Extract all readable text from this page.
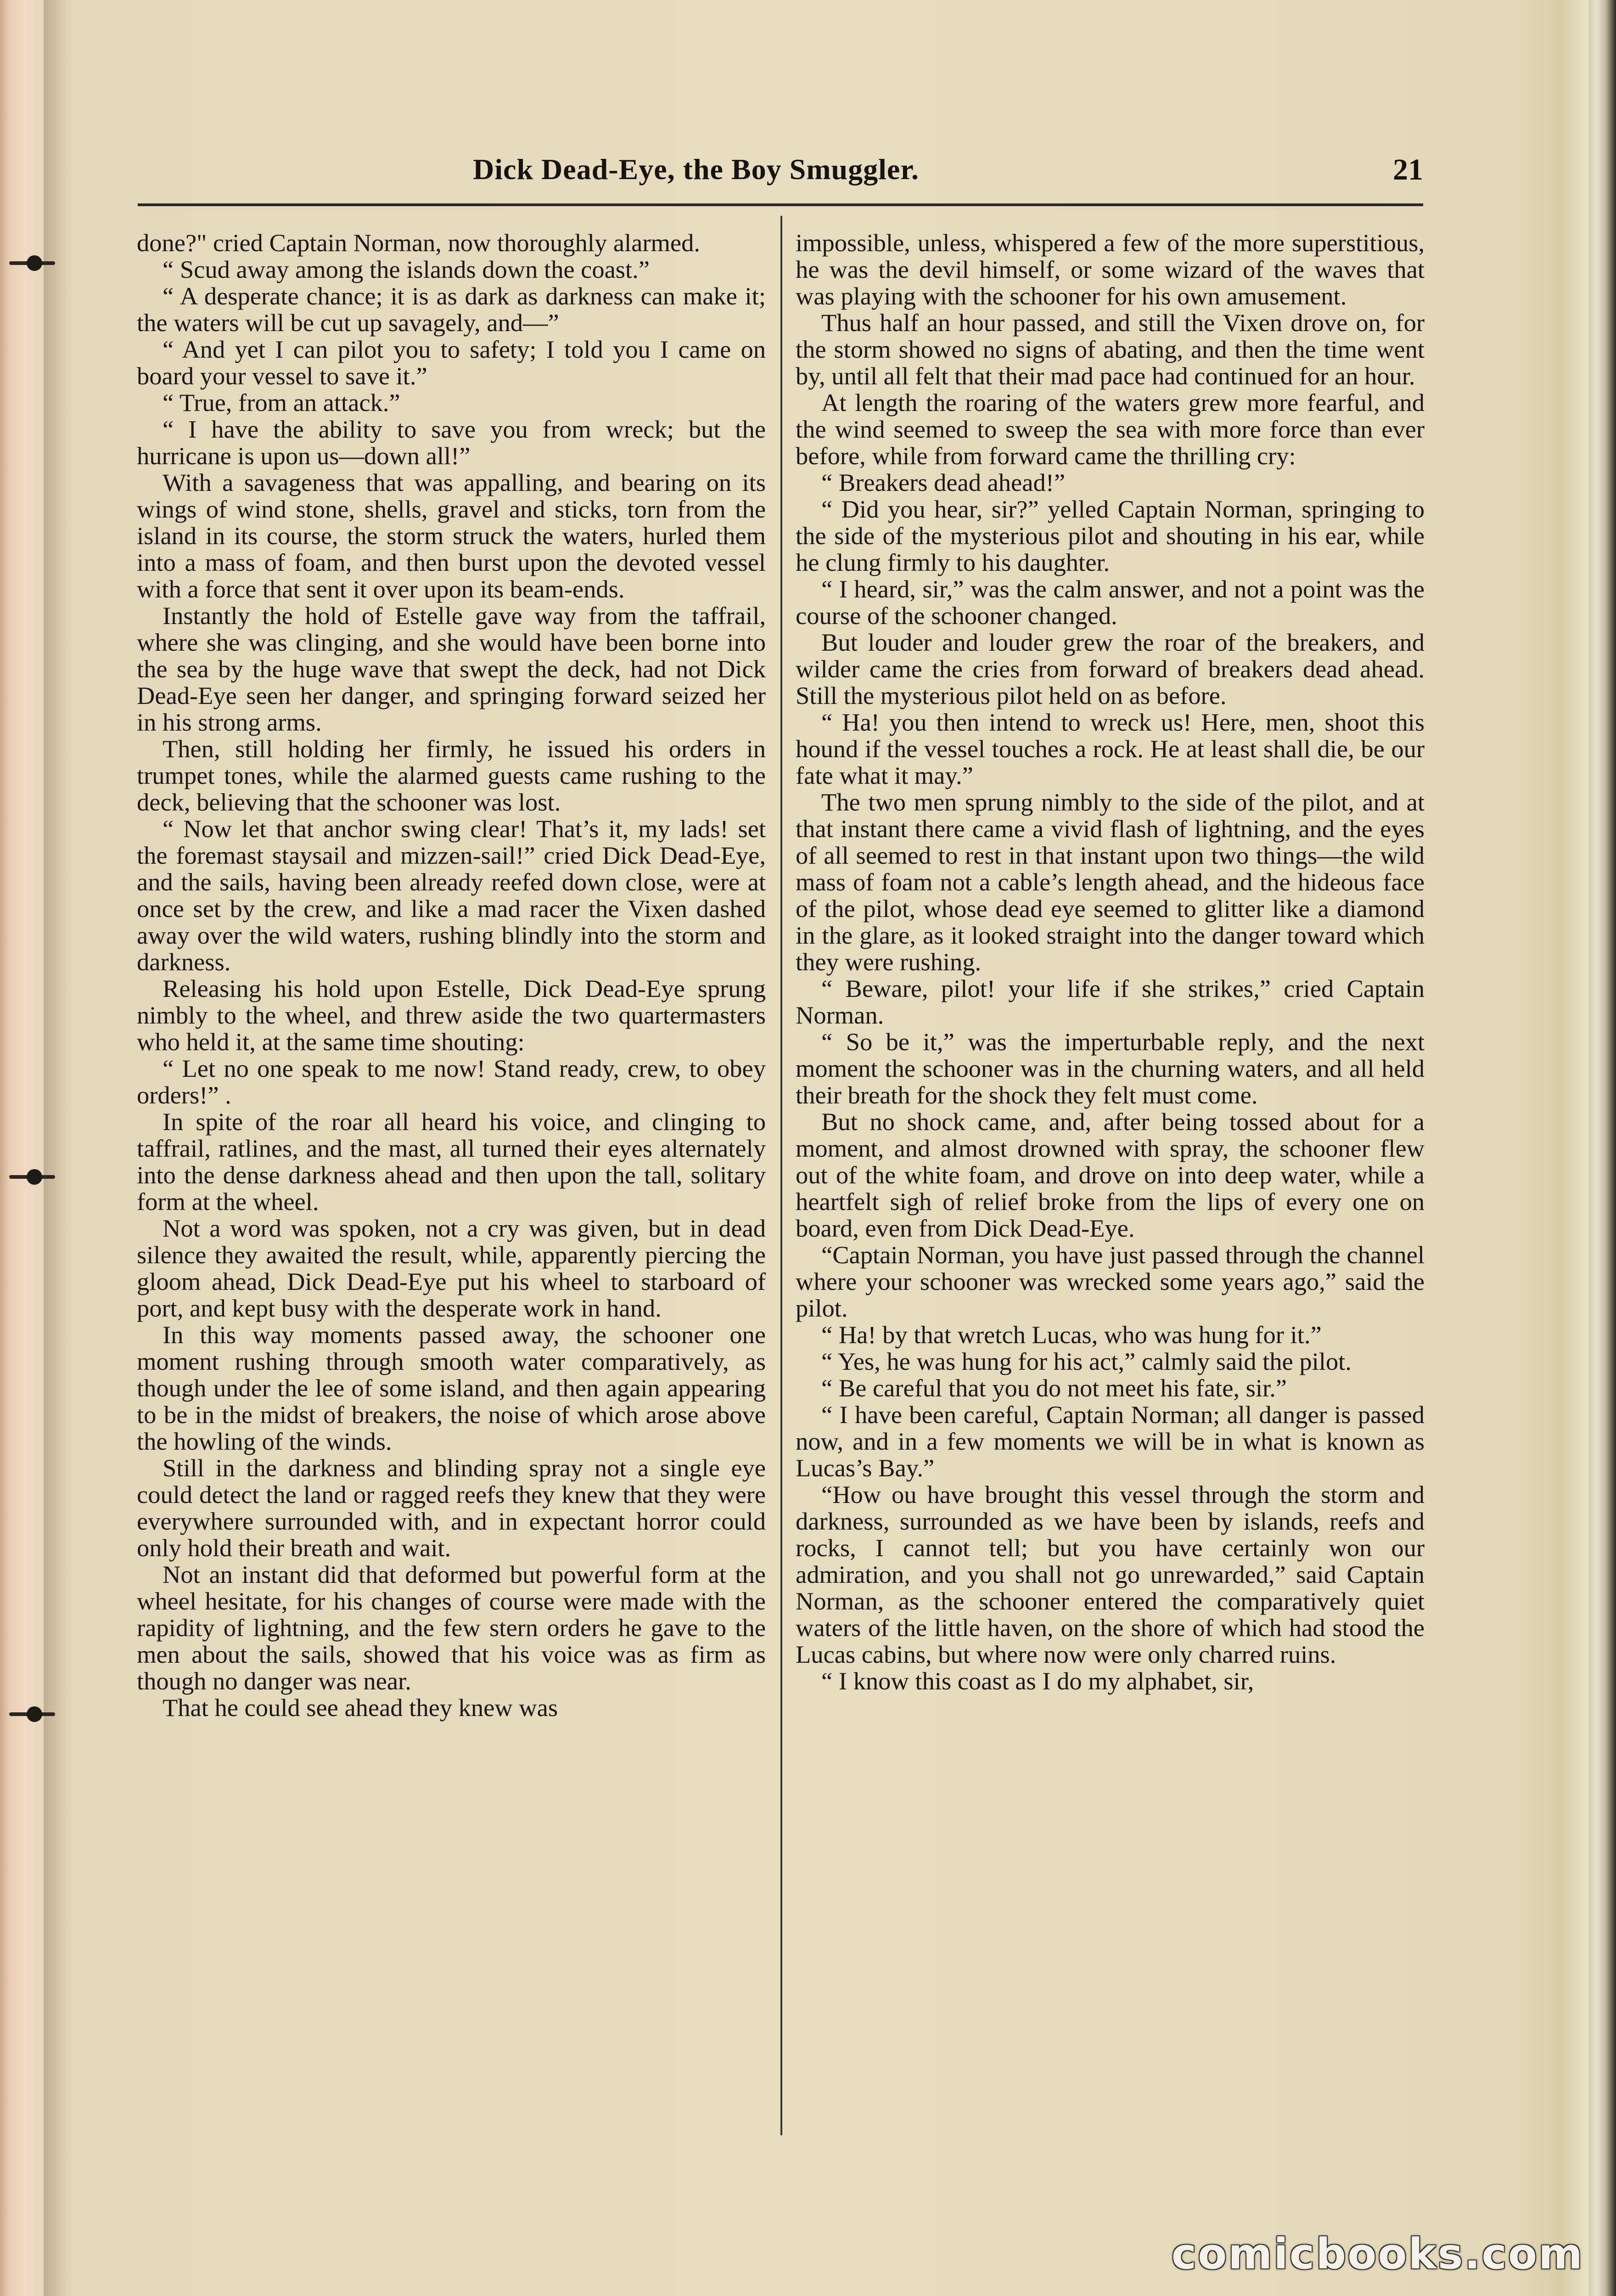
Dick Dead-Eye, the Boy Smuggler.	21

done?" cried Captain Norman, now thoroughly alarmed.

“ Scud away among the islands down the coast.”

“ A desperate chance; it is as dark as darkness can make it; the waters will be cut up savagely, and—”

“ And yet I can pilot you to safety; I told you I came on board your vessel to save it.”

“ True, from an attack.”

“ I have the ability to save you from wreck; but the hurricane is upon us—down all!”

With a savageness that was appalling, and bearing on its wings of wind stone, shells, gravel and sticks, torn from the island in its course, the storm struck the waters, hurled them into a mass of foam, and then burst upon the devoted vessel with a force that sent it over upon its beam-ends.

Instantly the hold of Estelle gave way from the taffrail, where she was clinging, and she would have been borne into the sea by the huge wave that swept the deck, had not Dick Dead-Eye seen her danger, and springing forward seized her in his strong arms.

Then, still holding her firmly, he issued his orders in trumpet tones, while the alarmed guests came rushing to the deck, believing that the schooner was lost.

“ Now let that anchor swing clear! That’s it, my lads! set the foremast staysail and mizzen-sail!” cried Dick Dead-Eye, and the sails, having been already reefed down close, were at once set by the crew, and like a mad racer the Vixen dashed away over the wild waters, rushing blindly into the storm and darkness.

Releasing his hold upon Estelle, Dick Dead-Eye sprung nimbly to the wheel, and threw aside the two quartermasters who held it, at the same time shouting:

“ Let no one speak to me now! Stand ready, crew, to obey orders!” .

In spite of the roar all heard his voice, and clinging to taffrail, ratlines, and the mast, all turned their eyes alternately into the dense darkness ahead and then upon the tall, solitary form at the wheel.

Not a word was spoken, not a cry was given, but in dead silence they awaited the result, while, apparently piercing the gloom ahead, Dick Dead-Eye put his wheel to starboard of port, and kept busy with the desperate work in hand.

In this way moments passed away, the schooner one moment rushing through smooth water comparatively, as though under the lee of some island, and then again appearing to be in the midst of breakers, the noise of which arose above the howling of the winds.

Still in the darkness and blinding spray not a single eye could detect the land or ragged reefs they knew that they were everywhere surrounded with, and in expectant horror could only hold their breath and wait.

Not an instant did that deformed but powerful form at the wheel hesitate, for his changes of course were made with the rapidity of lightning, and the few stern orders he gave to the men about the sails, showed that his voice was as firm as though no danger was near.

That he could see ahead they knew was

impossible, unless, whispered a few of the more superstitious, he was the devil himself, or some wizard of the waves that was playing with the schooner for his own amusement.

Thus half an hour passed, and still the Vixen drove on, for the storm showed no signs of abating, and then the time went by, until all felt that their mad pace had continued for an hour.

At length the roaring of the waters grew more fearful, and the wind seemed to sweep the sea with more force than ever before, while from forward came the thrilling cry:

“ Breakers dead ahead!”

“ Did you hear, sir?” yelled Captain Norman, springing to the side of the mysterious pilot and shouting in his ear, while he clung firmly to his daughter.

“ I heard, sir,” was the calm answer, and not a point was the course of the schooner changed.

But louder and louder grew the roar of the breakers, and wilder came the cries from forward of breakers dead ahead. Still the mysterious pilot held on as before.

“ Ha! you then intend to wreck us! Here, men, shoot this hound if the vessel touches a rock. He at least shall die, be our fate what it may.”

The two men sprung nimbly to the side of the pilot, and at that instant there came a vivid flash of lightning, and the eyes of all seemed to rest in that instant upon two things—the wild mass of foam not a cable’s length ahead, and the hideous face of the pilot, whose dead eye seemed to glitter like a diamond in the glare, as it looked straight into the danger toward which they were rushing.

“ Beware, pilot! your life if she strikes,” cried Captain Norman.

“ So be it,” was the imperturbable reply, and the next moment the schooner was in the churning waters, and all held their breath for the shock they felt must come.

But no shock came, and, after being tossed about for a moment, and almost drowned with spray, the schooner flew out of the white foam, and drove on into deep water, while a heartfelt sigh of relief broke from the lips of every one on board, even from Dick Dead-Eye.

“Captain Norman, you have just passed through the channel where your schooner was wrecked some years ago,” said the pilot.

“ Ha! by that wretch Lucas, who was hung for it.”

“ Yes, he was hung for his act,” calmly said the pilot.

“ Be careful that you do not meet his fate, sir.”

“ I have been careful, Captain Norman; all danger is passed now, and in a few moments we will be in what is known as Lucas’s Bay.”

“How ou have brought this vessel through the storm and darkness, surrounded as we have been by islands, reefs and rocks, I cannot tell; but you have certainly won our admiration, and you shall not go unrewarded,” said Captain Norman, as the schooner entered the comparatively quiet waters of the little haven, on the shore of which had stood the Lucas cabins, but where now were only charred ruins.

“ I know this coast as I do my alphabet, sir,

comicbooks.com
